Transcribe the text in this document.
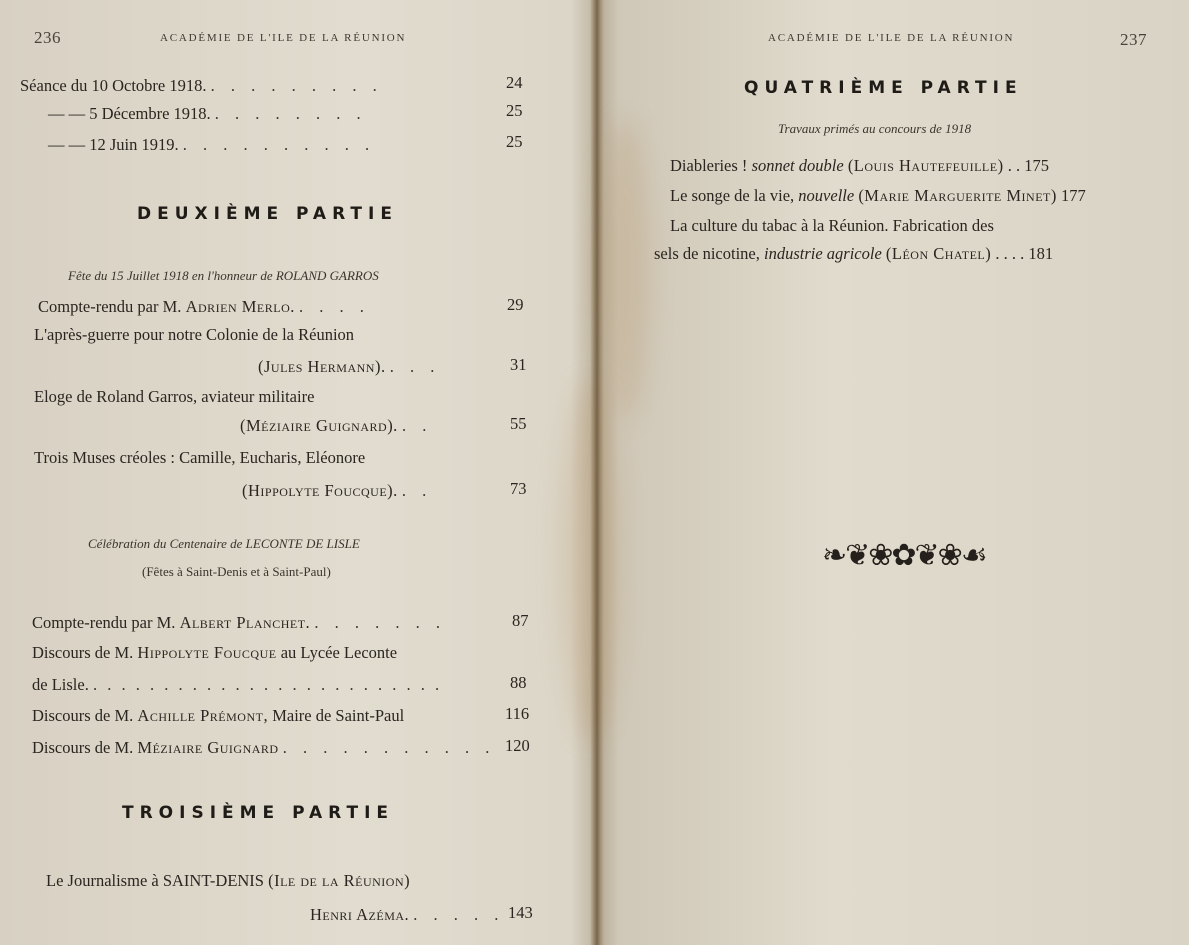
236	ACADÉMIE DE L'ILE DE LA RÉUNION
Séance du 10 Octobre 1918. . . . . . . . . .	24
— — 5 Décembre 1918. . . . . . . . .	25
— — 12 Juin 1919. . . . . . . . . . .	25
DEUXIÈME PARTIE
Fête du 15 Juillet 1918 en l'honneur de ROLAND GARROS
Compte-rendu par M. Adrien Merlo. . . . .	29
L'après-guerre pour notre Colonie de la Réunion
(Jules Hermann). . . .	31
Eloge de Roland Garros, aviateur militaire
(Méziaire Guignard). . .	55
Trois Muses créoles : Camille, Eucharis, Eléonore
(Hippolyte Foucque). . .	73
Célébration du Centenaire de LECONTE DE LISLE
(Fêtes à Saint-Denis et à Saint-Paul)
Compte-rendu par M. Albert Planchet. . . . . . . .	87
Discours de M. Hippolyte Foucque au Lycée Leconte
de Lisle. . . . . . . . . . . . . . . . . . . . . . . . . .	88
Discours de M. Achille Prémont, Maire de Saint-Paul	116
Discours de M. Méziaire Guignard . . . . . . . . . . . 120
TROISIÈME PARTIE
Le Journalisme à SAINT-DENIS (Ile de la Réunion)
Henri Azéma. . . . . . 143
ACADÉMIE DE L'ILE DE LA RÉUNION	237
QUATRIÈME PARTIE
Travaux primés au concours de 1918
Diableries ! sonnet double (Louis Hautefeuille) . . 175
Le songe de la vie, nouvelle (Marie Marguerite Minet) 177
La culture du tabac à la Réunion. Fabrication des
sels de nicotine, industrie agricole (Léon Chatel) . . . . 181
❧❦❀✿❦❀☙
